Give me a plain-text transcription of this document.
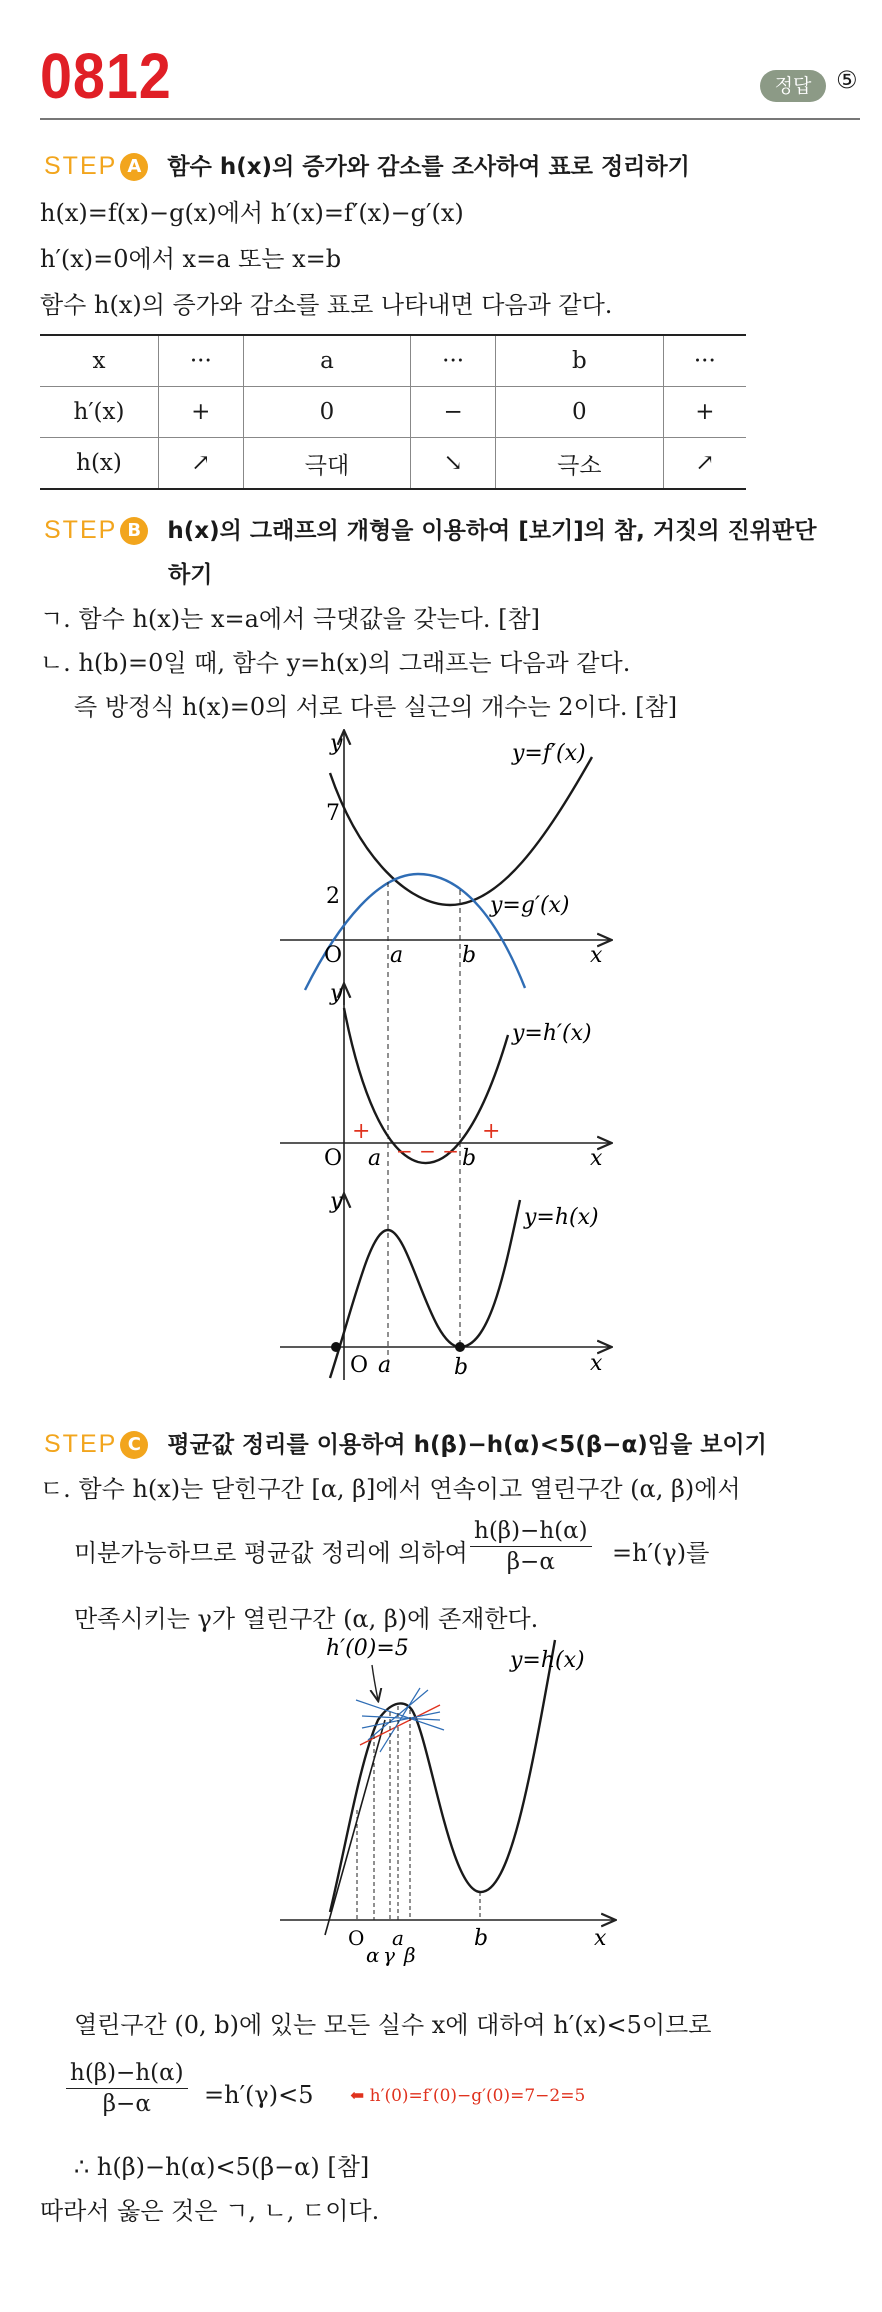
0812	정답	⑤
STEP A 함수 h(x)의 증가와 감소를 조사하여 표로 정리하기
h(x)=f(x)−g(x)에서 h′(x)=f′(x)−g′(x)
h′(x)=0에서 x=a 또는 x=b
함수 h(x)의 증가와 감소를 표로 나타내면 다음과 같다.
x	···	a	···	b	···
h′(x)	+	0	−	0	+
h(x)	↗	극대	↘	극소	↗
STEP B h(x)의 그래프의 개형을 이용하여 [보기]의 참, 거짓의 진위판단
하기
ㄱ. 함수 h(x)는 x=a에서 극댓값을 갖는다. [참]
ㄴ. h(b)=0일 때, 함수 y=h(x)의 그래프는 다음과 같다.
즉 방정식 h(x)=0의 서로 다른 실근의 개수는 2이다. [참]
y
x
O
7
2
a	b
y=f′(x)
y=g′(x)
y
x
O a	b
+	+
− − −
y=h′(x)
y
x
O a	b
y=h(x)
h′(0)=5	y=h(x)
x
O
α γ
a
β
b
STEP C 평균값 정리를 이용하여 h(β)−h(α)<5(β−α)임을 보이기
ㄷ. 함수 h(x)는 닫힌구간 [α, β]에서 연속이고 열린구간 (α, β)에서
미분가능하므로 평균값 정리에 의하여 $\frac{h(\beta)-h(\alpha)}{\beta-\alpha} =h'(\gamma)$를
만족시키는 γ가 열린구간 (α, β)에 존재한다.
열린구간 (0, b)에 있는 모든 실수 x에 대하여 h′(x)<5이므로
$\frac{h(\beta)-h(\alpha)}{\beta-\alpha} =h'(\gamma)<5$ ⬅ h′(0)=f′(0)−g′(0)=7−2=5
∴ h(β)−h(α)<5(β−α) [참]
따라서 옳은 것은 ㄱ, ㄴ, ㄷ이다.
